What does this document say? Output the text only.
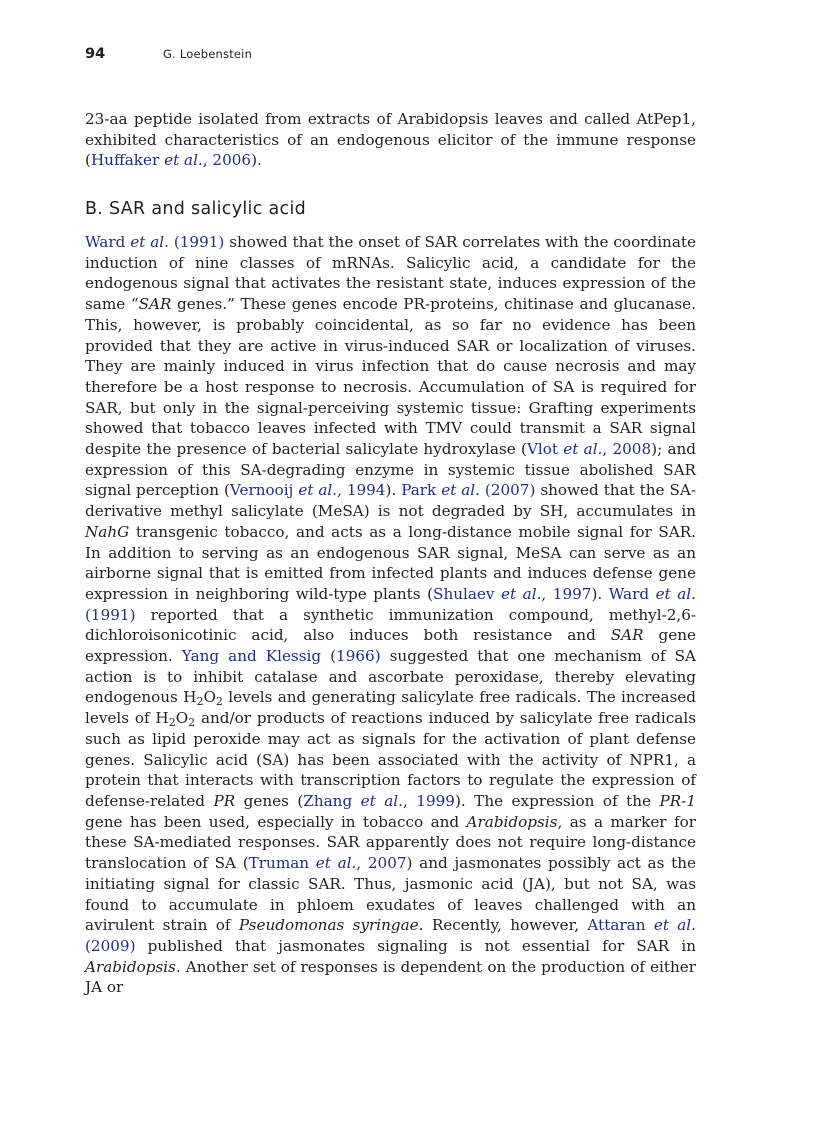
94	G. Loebenstein

23-aa peptide isolated from extracts of Arabidopsis leaves and called AtPep1, exhibited characteristics of an endogenous elicitor of the immune response (Huffaker et al., 2006).

B. SAR and salicylic acid

Ward et al. (1991) showed that the onset of SAR correlates with the coordinate induction of nine classes of mRNAs. Salicylic acid, a candidate for the endogenous signal that activates the resistant state, induces expression of the same “SAR genes.” These genes encode PR-proteins, chitinase and glucanase. This, however, is probably coincidental, as so far no evidence has been provided that they are active in virus-induced SAR or localization of viruses. They are mainly induced in virus infection that do cause necrosis and may therefore be a host response to necrosis. Accumulation of SA is required for SAR, but only in the signal-perceiving systemic tissue: Grafting experiments showed that tobacco leaves infected with TMV could transmit a SAR signal despite the presence of bacterial salicylate hydroxylase (Vlot et al., 2008); and expression of this SA-degrading enzyme in systemic tissue abolished SAR signal perception (Vernooij et al., 1994). Park et al. (2007) showed that the SA-derivative methyl salicylate (MeSA) is not degraded by SH, accumulates in NahG transgenic tobacco, and acts as a long-distance mobile signal for SAR. In addition to serving as an endogenous SAR signal, MeSA can serve as an airborne signal that is emitted from infected plants and induces defense gene expression in neighboring wild-type plants (Shulaev et al., 1997). Ward et al. (1991) reported that a synthetic immunization compound, methyl-2,6-dichloroisonicotinic acid, also induces both resistance and SAR gene expression. Yang and Klessig (1966) suggested that one mechanism of SA action is to inhibit catalase and ascorbate peroxidase, thereby elevating endogenous $H_2O_2$ levels and generating salicylate free radicals. The increased levels of $H_2O_2$ and/or products of reactions induced by salicylate free radicals such as lipid peroxide may act as signals for the activation of plant defense genes. Salicylic acid (SA) has been associated with the activity of NPR1, a protein that interacts with transcription factors to regulate the expression of defense-related PR genes (Zhang et al., 1999). The expression of the PR-1 gene has been used, especially in tobacco and Arabidopsis, as a marker for these SA-mediated responses. SAR apparently does not require long-distance translocation of SA (Truman et al., 2007) and jasmonates possibly act as the initiating signal for classic SAR. Thus, jasmonic acid (JA), but not SA, was found to accumulate in phloem exudates of leaves challenged with an avirulent strain of Pseudomonas syringae. Recently, however, Attaran et al. (2009) published that jasmonates signaling is not essential for SAR in Arabidopsis. Another set of responses is dependent on the production of either JA or
